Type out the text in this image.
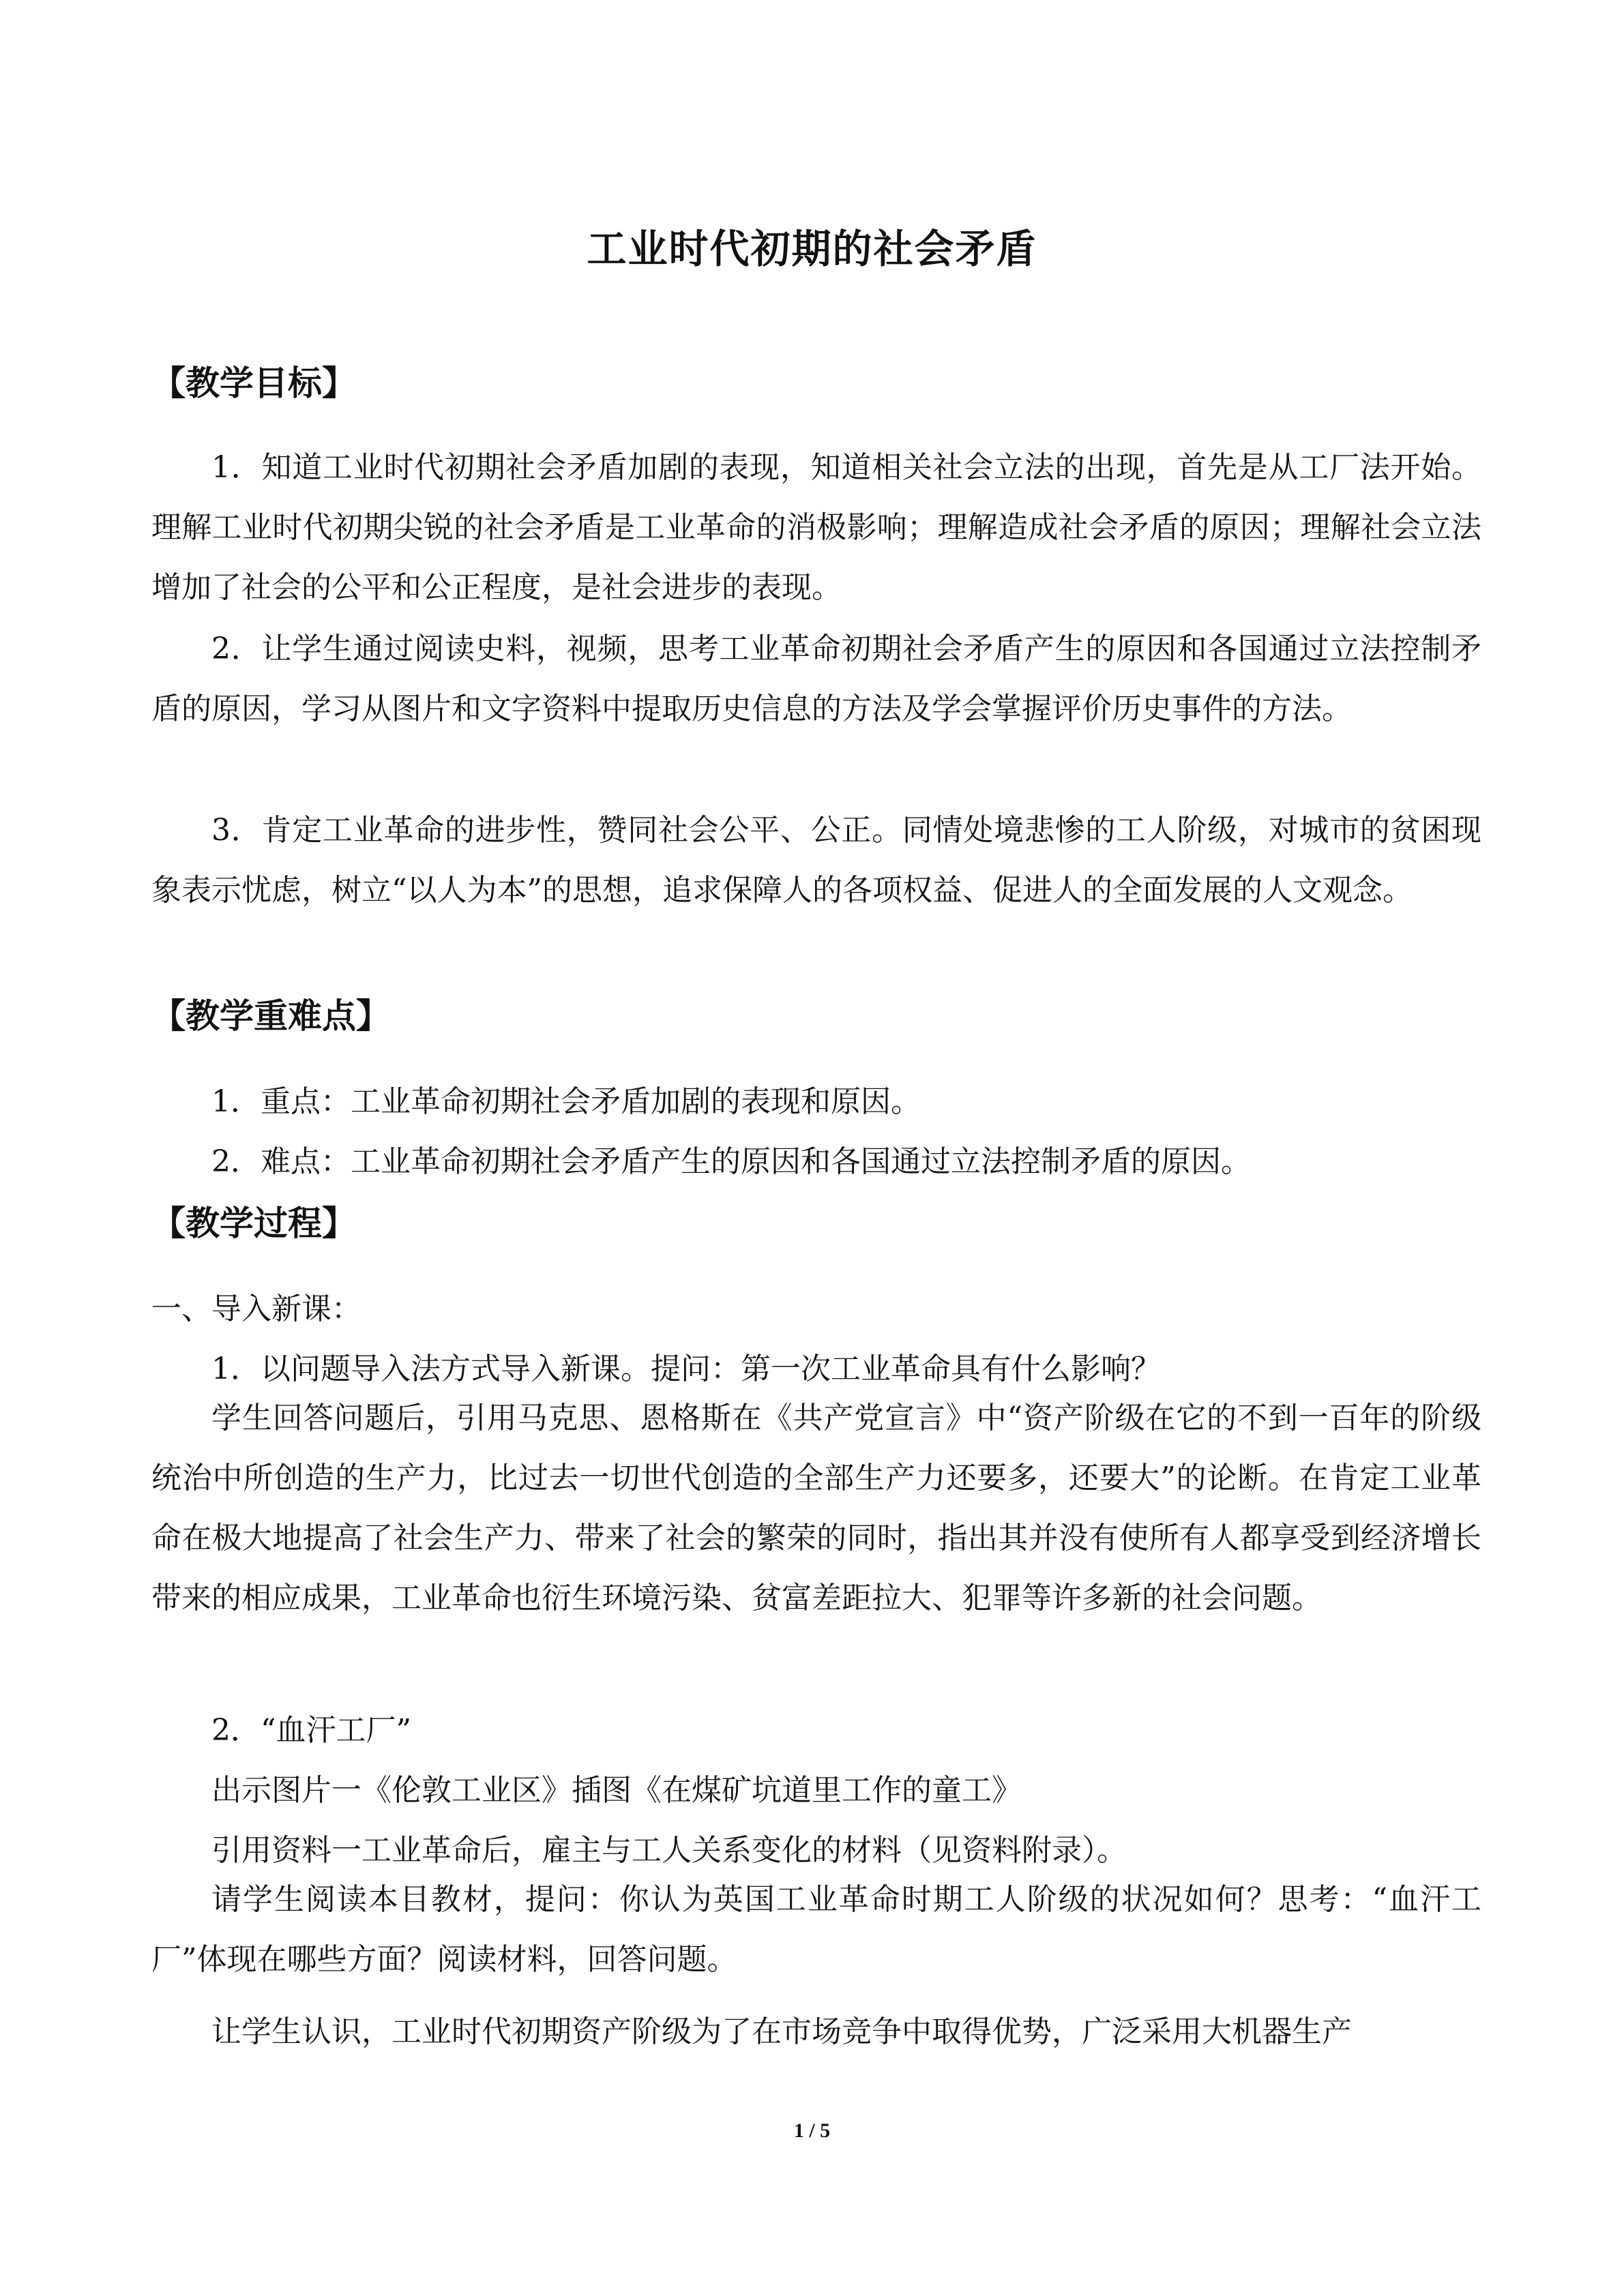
工业时代初期的社会矛盾
【教学目标】
1．知道工业时代初期社会矛盾加剧的表现，知道相关社会立法的出现，首先是从工厂法开始。理解工业时代初期尖锐的社会矛盾是工业革命的消极影响；理解造成社会矛盾的原因；理解社会立法增加了社会的公平和公正程度，是社会进步的表现。
2．让学生通过阅读史料，视频，思考工业革命初期社会矛盾产生的原因和各国通过立法控制矛盾的原因，学习从图片和文字资料中提取历史信息的方法及学会掌握评价历史事件的方法。
3．肯定工业革命的进步性，赞同社会公平、公正。同情处境悲惨的工人阶级，对城市的贫困现象表示忧虑，树立“以人为本”的思想，追求保障人的各项权益、促进人的全面发展的人文观念。
【教学重难点】
1．重点：工业革命初期社会矛盾加剧的表现和原因。
2．难点：工业革命初期社会矛盾产生的原因和各国通过立法控制矛盾的原因。
【教学过程】
一、导入新课：
1．以问题导入法方式导入新课。提问：第一次工业革命具有什么影响？
学生回答问题后，引用马克思、恩格斯在《共产党宣言》中“资产阶级在它的不到一百年的阶级统治中所创造的生产力，比过去一切世代创造的全部生产力还要多，还要大”的论断。在肯定工业革命在极大地提高了社会生产力、带来了社会的繁荣的同时，指出其并没有使所有人都享受到经济增长带来的相应成果，工业革命也衍生环境污染、贫富差距拉大、犯罪等许多新的社会问题。
2．“血汗工厂”
出示图片一《伦敦工业区》插图《在煤矿坑道里工作的童工》
引用资料一工业革命后，雇主与工人关系变化的材料（见资料附录）。
请学生阅读本目教材，提问：你认为英国工业革命时期工人阶级的状况如何？思考：“血汗工厂”体现在哪些方面？阅读材料，回答问题。
让学生认识，工业时代初期资产阶级为了在市场竞争中取得优势，广泛采用大机器生产
1 / 5
